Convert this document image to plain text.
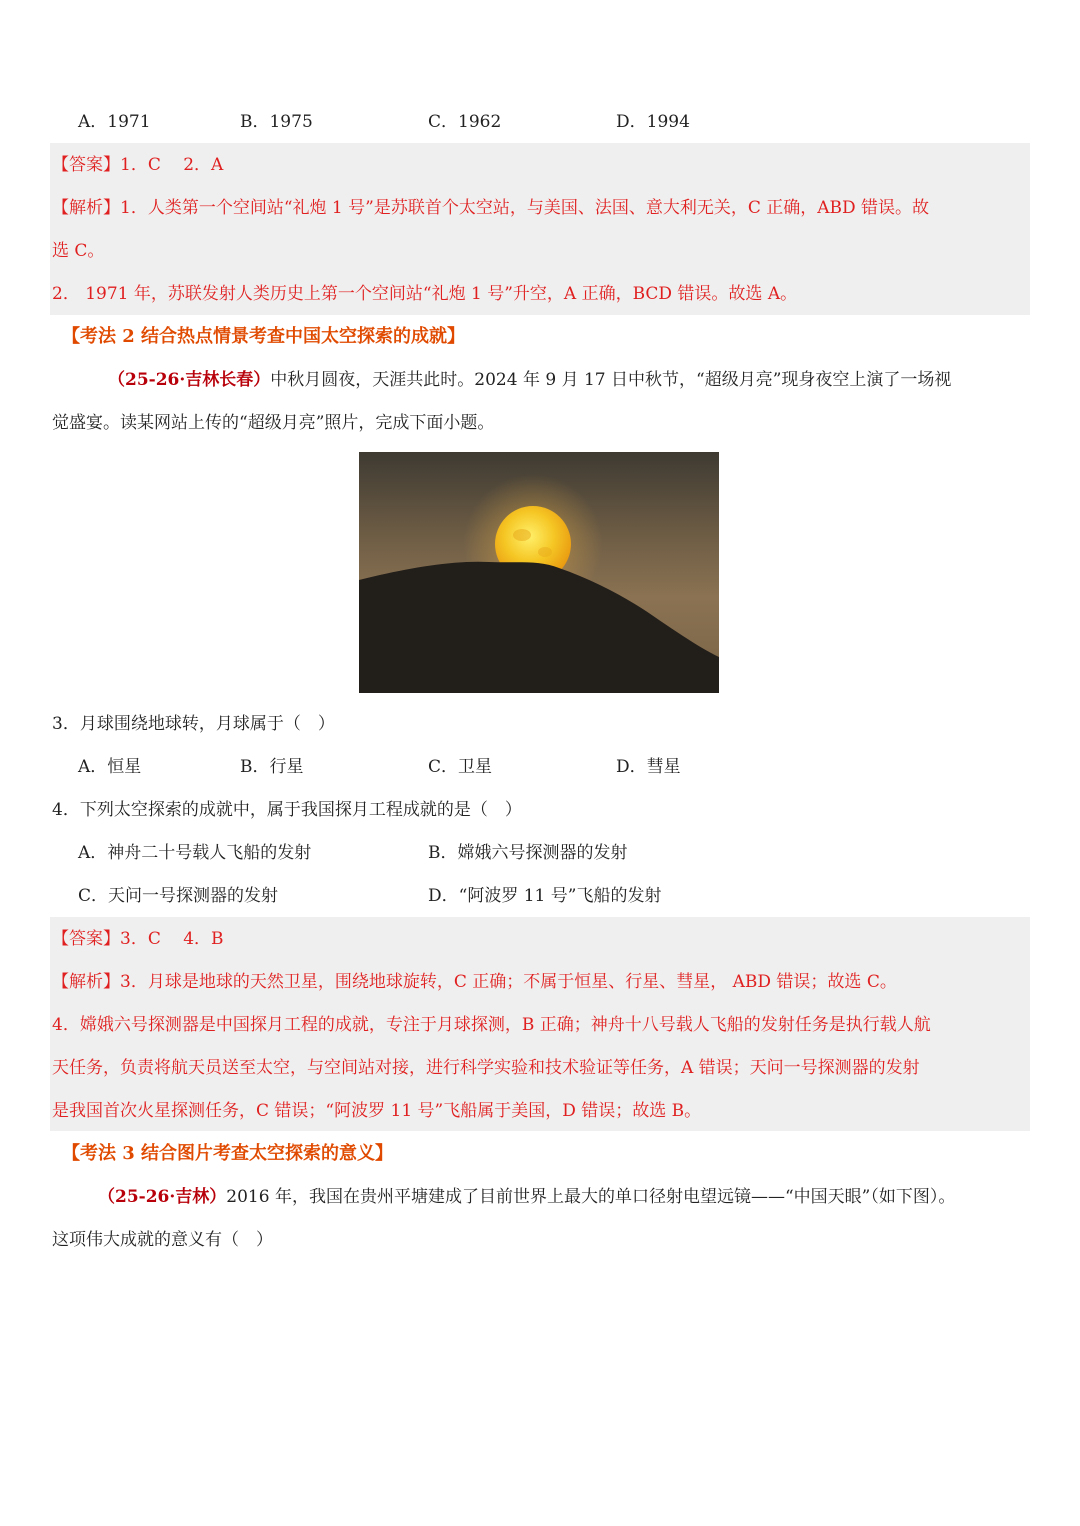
A．1971	B．1975	C．1962	D．1994
【答案】1．C　 2．A
【解析】1．人类第一个空间站“礼炮 1 号”是苏联首个太空站，与美国、法国、意大利无关，C 正确，ABD 错误。故
选 C。
2． 1971 年，苏联发射人类历史上第一个空间站“礼炮 1 号”升空，A 正确，BCD 错误。故选 A。
【考法 2 结合热点情景考查中国太空探索的成就】
（25-26·吉林长春）中秋月圆夜，天涯共此时。2024 年 9 月 17 日中秋节，“超级月亮”现身夜空上演了一场视
觉盛宴。读某网站上传的“超级月亮”照片，完成下面小题。
3．月球围绕地球转，月球属于（　）
A．恒星	B．行星	C．卫星	D．彗星
4．下列太空探索的成就中，属于我国探月工程成就的是（　）
A．神舟二十号载人飞船的发射	B．嫦娥六号探测器的发射
C．天问一号探测器的发射	D．“阿波罗 11 号”飞船的发射
【答案】3．C　 4．B
【解析】3．月球是地球的天然卫星，围绕地球旋转，C 正确；不属于恒星、行星、彗星， ABD 错误；故选 C。
4．嫦娥六号探测器是中国探月工程的成就，专注于月球探测，B 正确；神舟十八号载人飞船的发射任务是执行载人航
天任务，负责将航天员送至太空，与空间站对接，进行科学实验和技术验证等任务，A 错误；天问一号探测器的发射
是我国首次火星探测任务，C 错误；“阿波罗 11 号”飞船属于美国，D 错误；故选 B。
【考法 3 结合图片考查太空探索的意义】
（25-26·吉林）2016 年，我国在贵州平塘建成了目前世界上最大的单口径射电望远镜——“中国天眼”（如下图）。
这项伟大成就的意义有（　）
